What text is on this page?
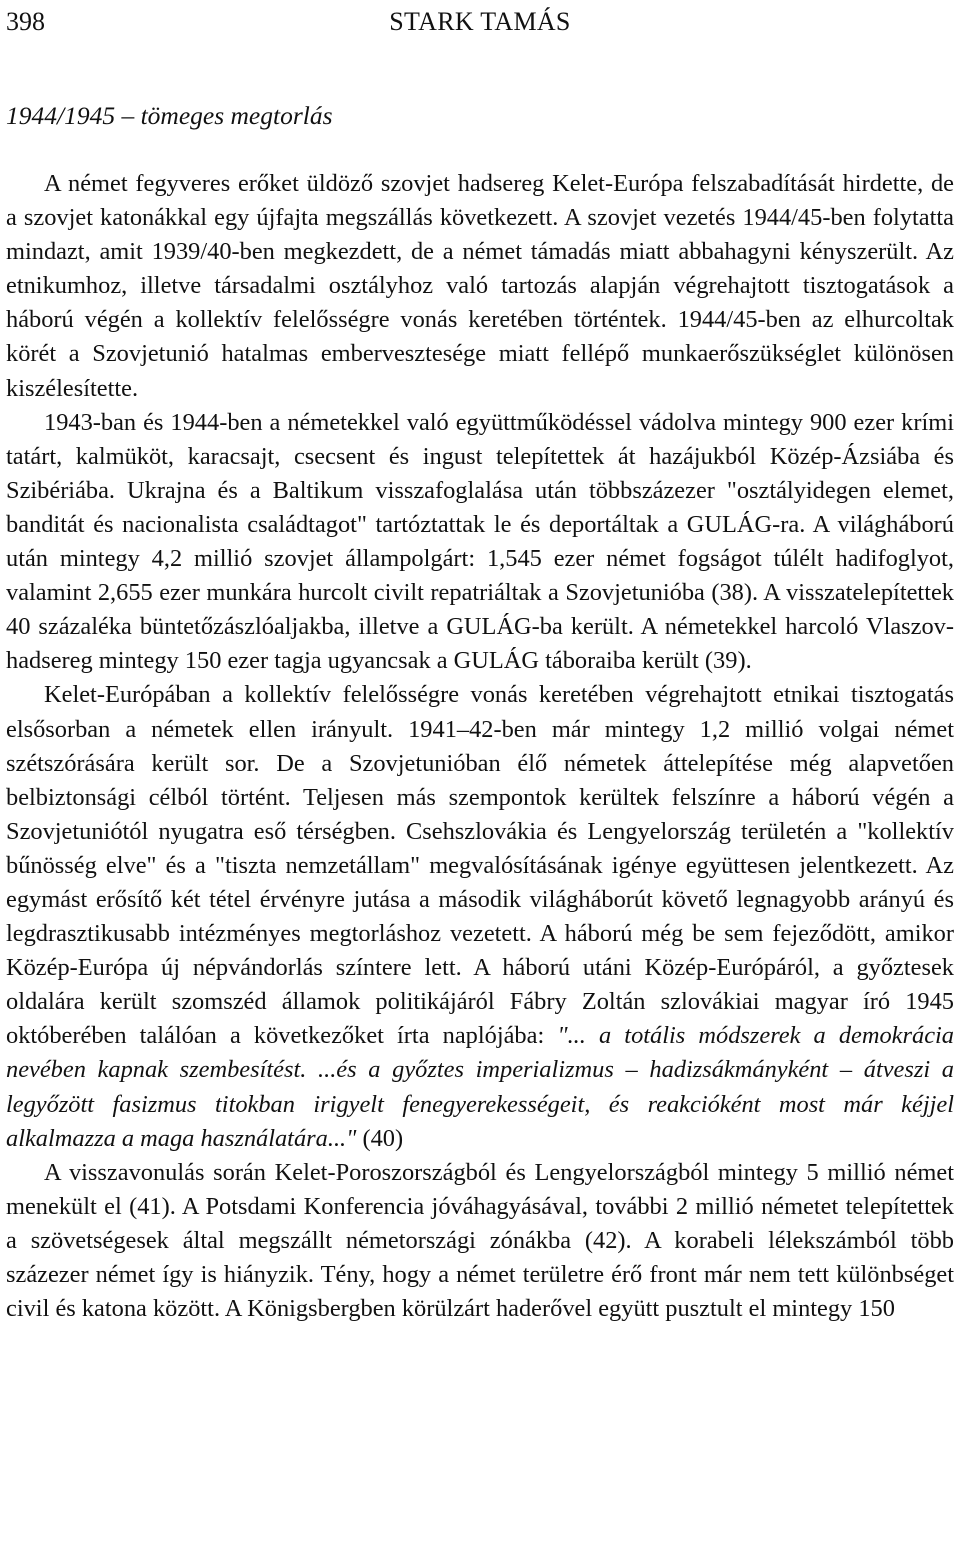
398	STARK TAMÁS
1944/1945 – tömeges megtorlás

A német fegyveres erőket üldöző szovjet hadsereg Kelet-Európa felszabadítását hirdette, de a szovjet katonákkal egy újfajta megszállás következett. A szovjet vezetés 1944/45-ben folytatta mindazt, amit 1939/40-ben megkezdett, de a német támadás miatt abbahagyni kényszerült. Az etnikumhoz, illetve társadalmi osztályhoz való tartozás alapján végrehajtott tisztogatások a háború végén a kollektív felelősségre vonás keretében történtek. 1944/45-ben az elhurcoltak körét a Szovjetunió hatalmas embervesztesége miatt fellépő munkaerőszükséglet különösen kiszélesítette.

1943-ban és 1944-ben a németekkel való együttműködéssel vádolva mintegy 900 ezer krími tatárt, kalmüköt, karacsajt, csecsent és ingust telepítettek át hazájukból Közép-Ázsiába és Szibériába. Ukrajna és a Baltikum visszafoglalása után többszázezer "osztályidegen elemet, banditát és nacionalista családtagot" tartóztattak le és deportáltak a GULÁG-ra. A világháború után mintegy 4,2 millió szovjet állampolgárt: 1,545 ezer német fogságot túlélt hadifoglyot, valamint 2,655 ezer munkára hurcolt civilt repatriáltak a Szovjetunióba (38). A visszatelepítettek 40 százaléka büntetőzászlóaljakba, illetve a GULÁG-ba került. A németekkel harcoló Vlaszov-hadsereg mintegy 150 ezer tagja ugyancsak a GULÁG táboraiba került (39).

Kelet-Európában a kollektív felelősségre vonás keretében végrehajtott etnikai tisztogatás elsősorban a németek ellen irányult. 1941–42-ben már mintegy 1,2 millió volgai német szétszórására került sor. De a Szovjetunióban élő németek áttelepítése még alapvetően belbiztonsági célból történt. Teljesen más szempontok kerültek felszínre a háború végén a Szovjetuniótól nyugatra eső térségben. Csehszlovákia és Lengyelország területén a "kollektív bűnösség elve" és a "tiszta nemzetállam" megvalósításának igénye együttesen jelentkezett. Az egymást erősítő két tétel érvényre jutása a második világháborút követő legnagyobb arányú és legdrasztikusabb intézményes megtorláshoz vezetett. A háború még be sem fejeződött, amikor Közép-Európa új népvándorlás színtere lett. A háború utáni Közép-Európáról, a győztesek oldalára került szomszéd államok politikájáról Fábry Zoltán szlovákiai magyar író 1945 októberében találóan a következőket írta naplójába: "... a totális módszerek a demokrácia nevében kapnak szembesítést. ...és a győztes imperializmus – hadizsákmányként – átveszi a legyőzött fasizmus titokban irigyelt fenegyerekességeit, és reakcióként most már kéjjel alkalmazza a maga használatára..." (40)

A visszavonulás során Kelet-Poroszországból és Lengyelországból mintegy 5 millió német menekült el (41). A Potsdami Konferencia jóváhagyásával, további 2 millió németet telepítettek a szövetségesek által megszállt németországi zónákba (42). A korabeli lélekszámból több százezer német így is hiányzik. Tény, hogy a német területre érő front már nem tett különbséget civil és katona között. A Königsbergben körülzárt haderővel együtt pusztult el mintegy 150
